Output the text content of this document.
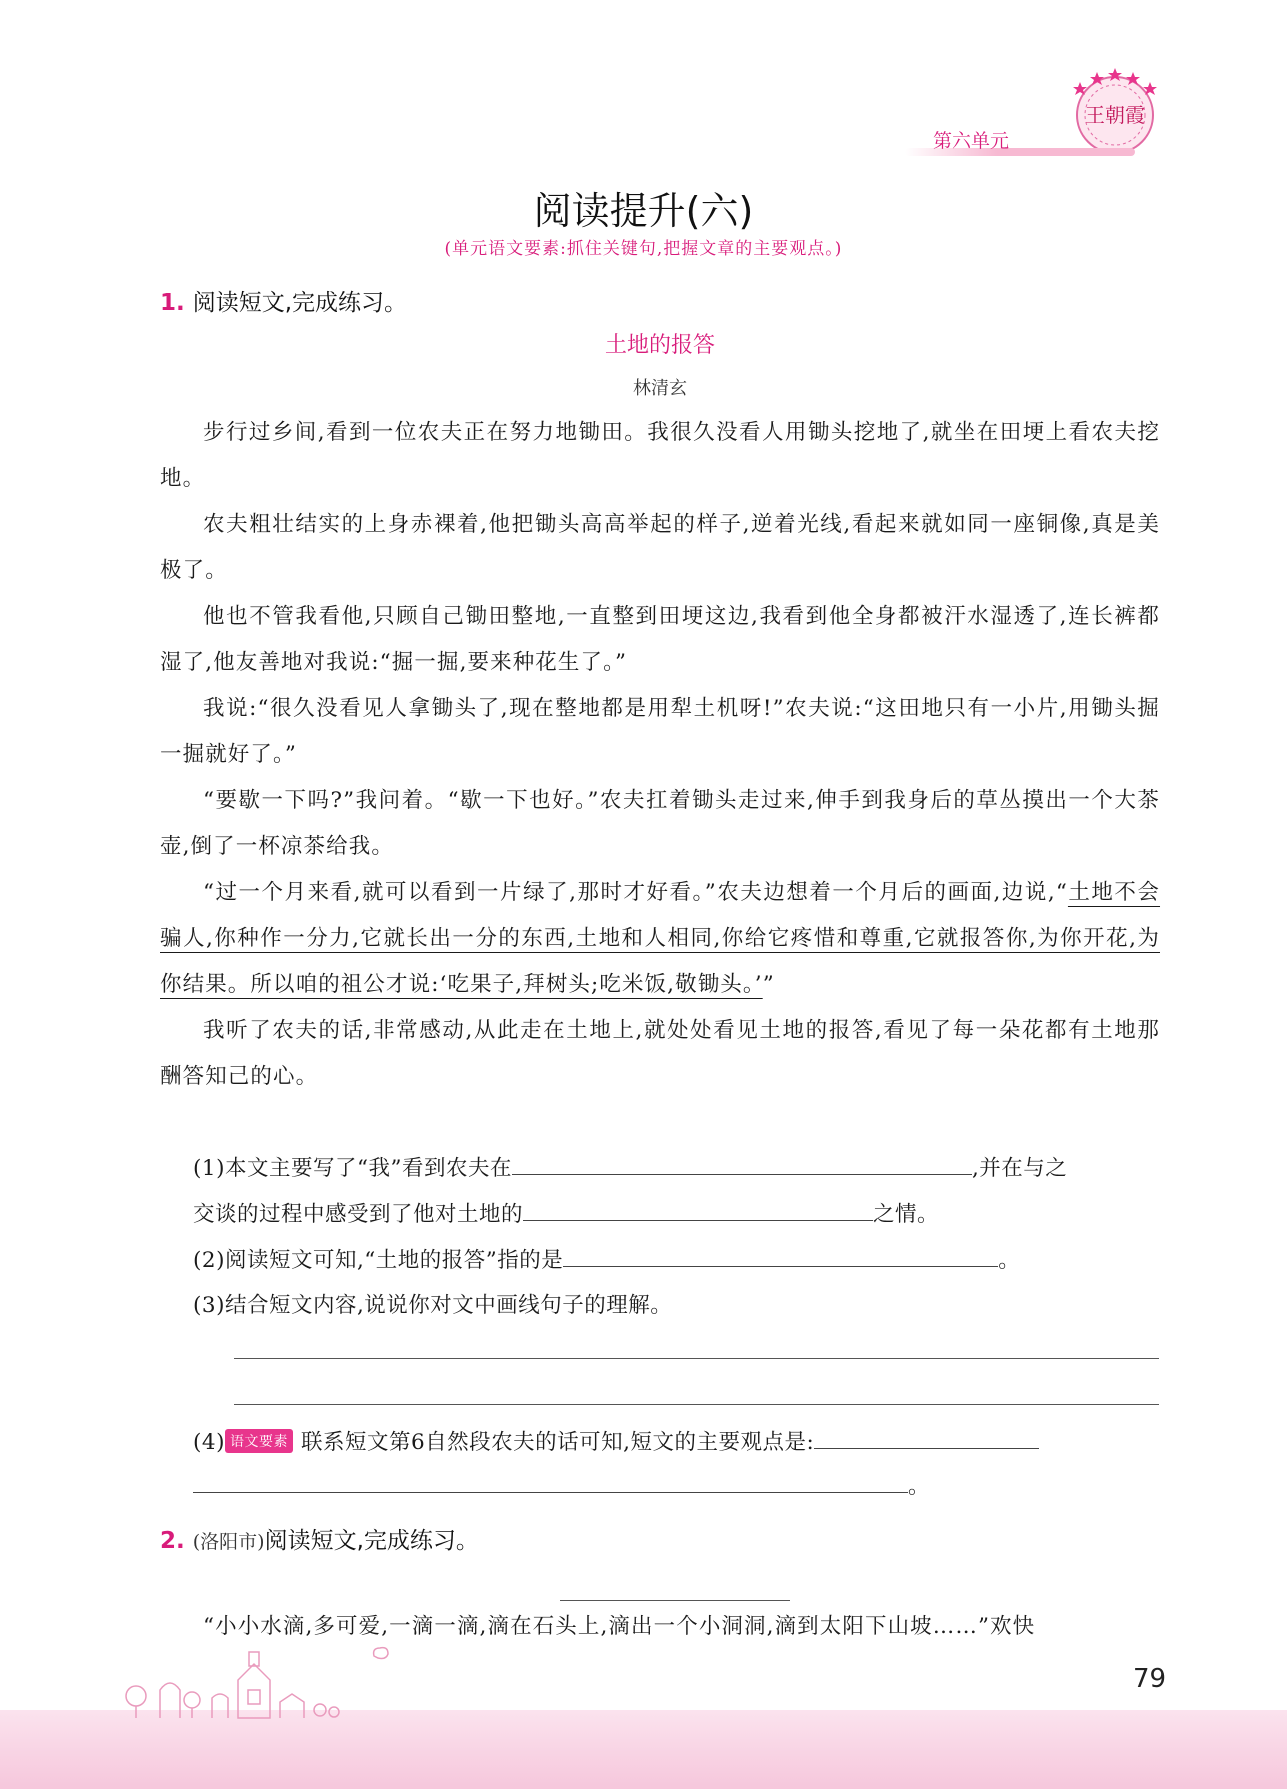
王朝霞
第六单元
阅读提升(六)
(单元语文要素:抓住关键句,把握文章的主要观点。)
1. 阅读短文,完成练习。
土地的报答
林清玄

步行过乡间,看到一位农夫正在努力地锄田。我很久没看人用锄头挖地了,就坐在田埂上看农夫挖地。

农夫粗壮结实的上身赤裸着,他把锄头高高举起的样子,逆着光线,看起来就如同一座铜像,真是美极了。

他也不管我看他,只顾自己锄田整地,一直整到田埂这边,我看到他全身都被汗水湿透了,连长裤都湿了,他友善地对我说:“掘一掘,要来种花生了。”

我说:“很久没看见人拿锄头了,现在整地都是用犁土机呀!”农夫说:“这田地只有一小片,用锄头掘一掘就好了。”

“要歇一下吗?”我问着。“歇一下也好。”农夫扛着锄头走过来,伸手到我身后的草丛摸出一个大茶壶,倒了一杯凉茶给我。

“过一个月来看,就可以看到一片绿了,那时才好看。”农夫边想着一个月后的画面,边说,“土地不会骗人,你种作一分力,它就长出一分的东西,土地和人相同,你给它疼惜和尊重,它就报答你,为你开花,为你结果。所以咱的祖公才说:‘吃果子,拜树头;吃米饭,敬锄头。’”

我听了农夫的话,非常感动,从此走在土地上,就处处看见土地的报答,看见了每一朵花都有土地那酬答知己的心。

(1)本文主要写了“我”看到农夫在	,并在与之
交谈的过程中感受到了他对土地的	之情。
(2)阅读短文可知,“土地的报答”指的是	。
(3)结合短文内容,说说你对文中画线句子的理解。
(4) 语文要素 联系短文第6自然段农夫的话可知,短文的主要观点是:
。
2. (洛阳市)阅读短文,完成练习。

“小小水滴,多可爱,一滴一滴,滴在石头上,滴出一个小洞洞,滴到太阳下山坡……”欢快

79
